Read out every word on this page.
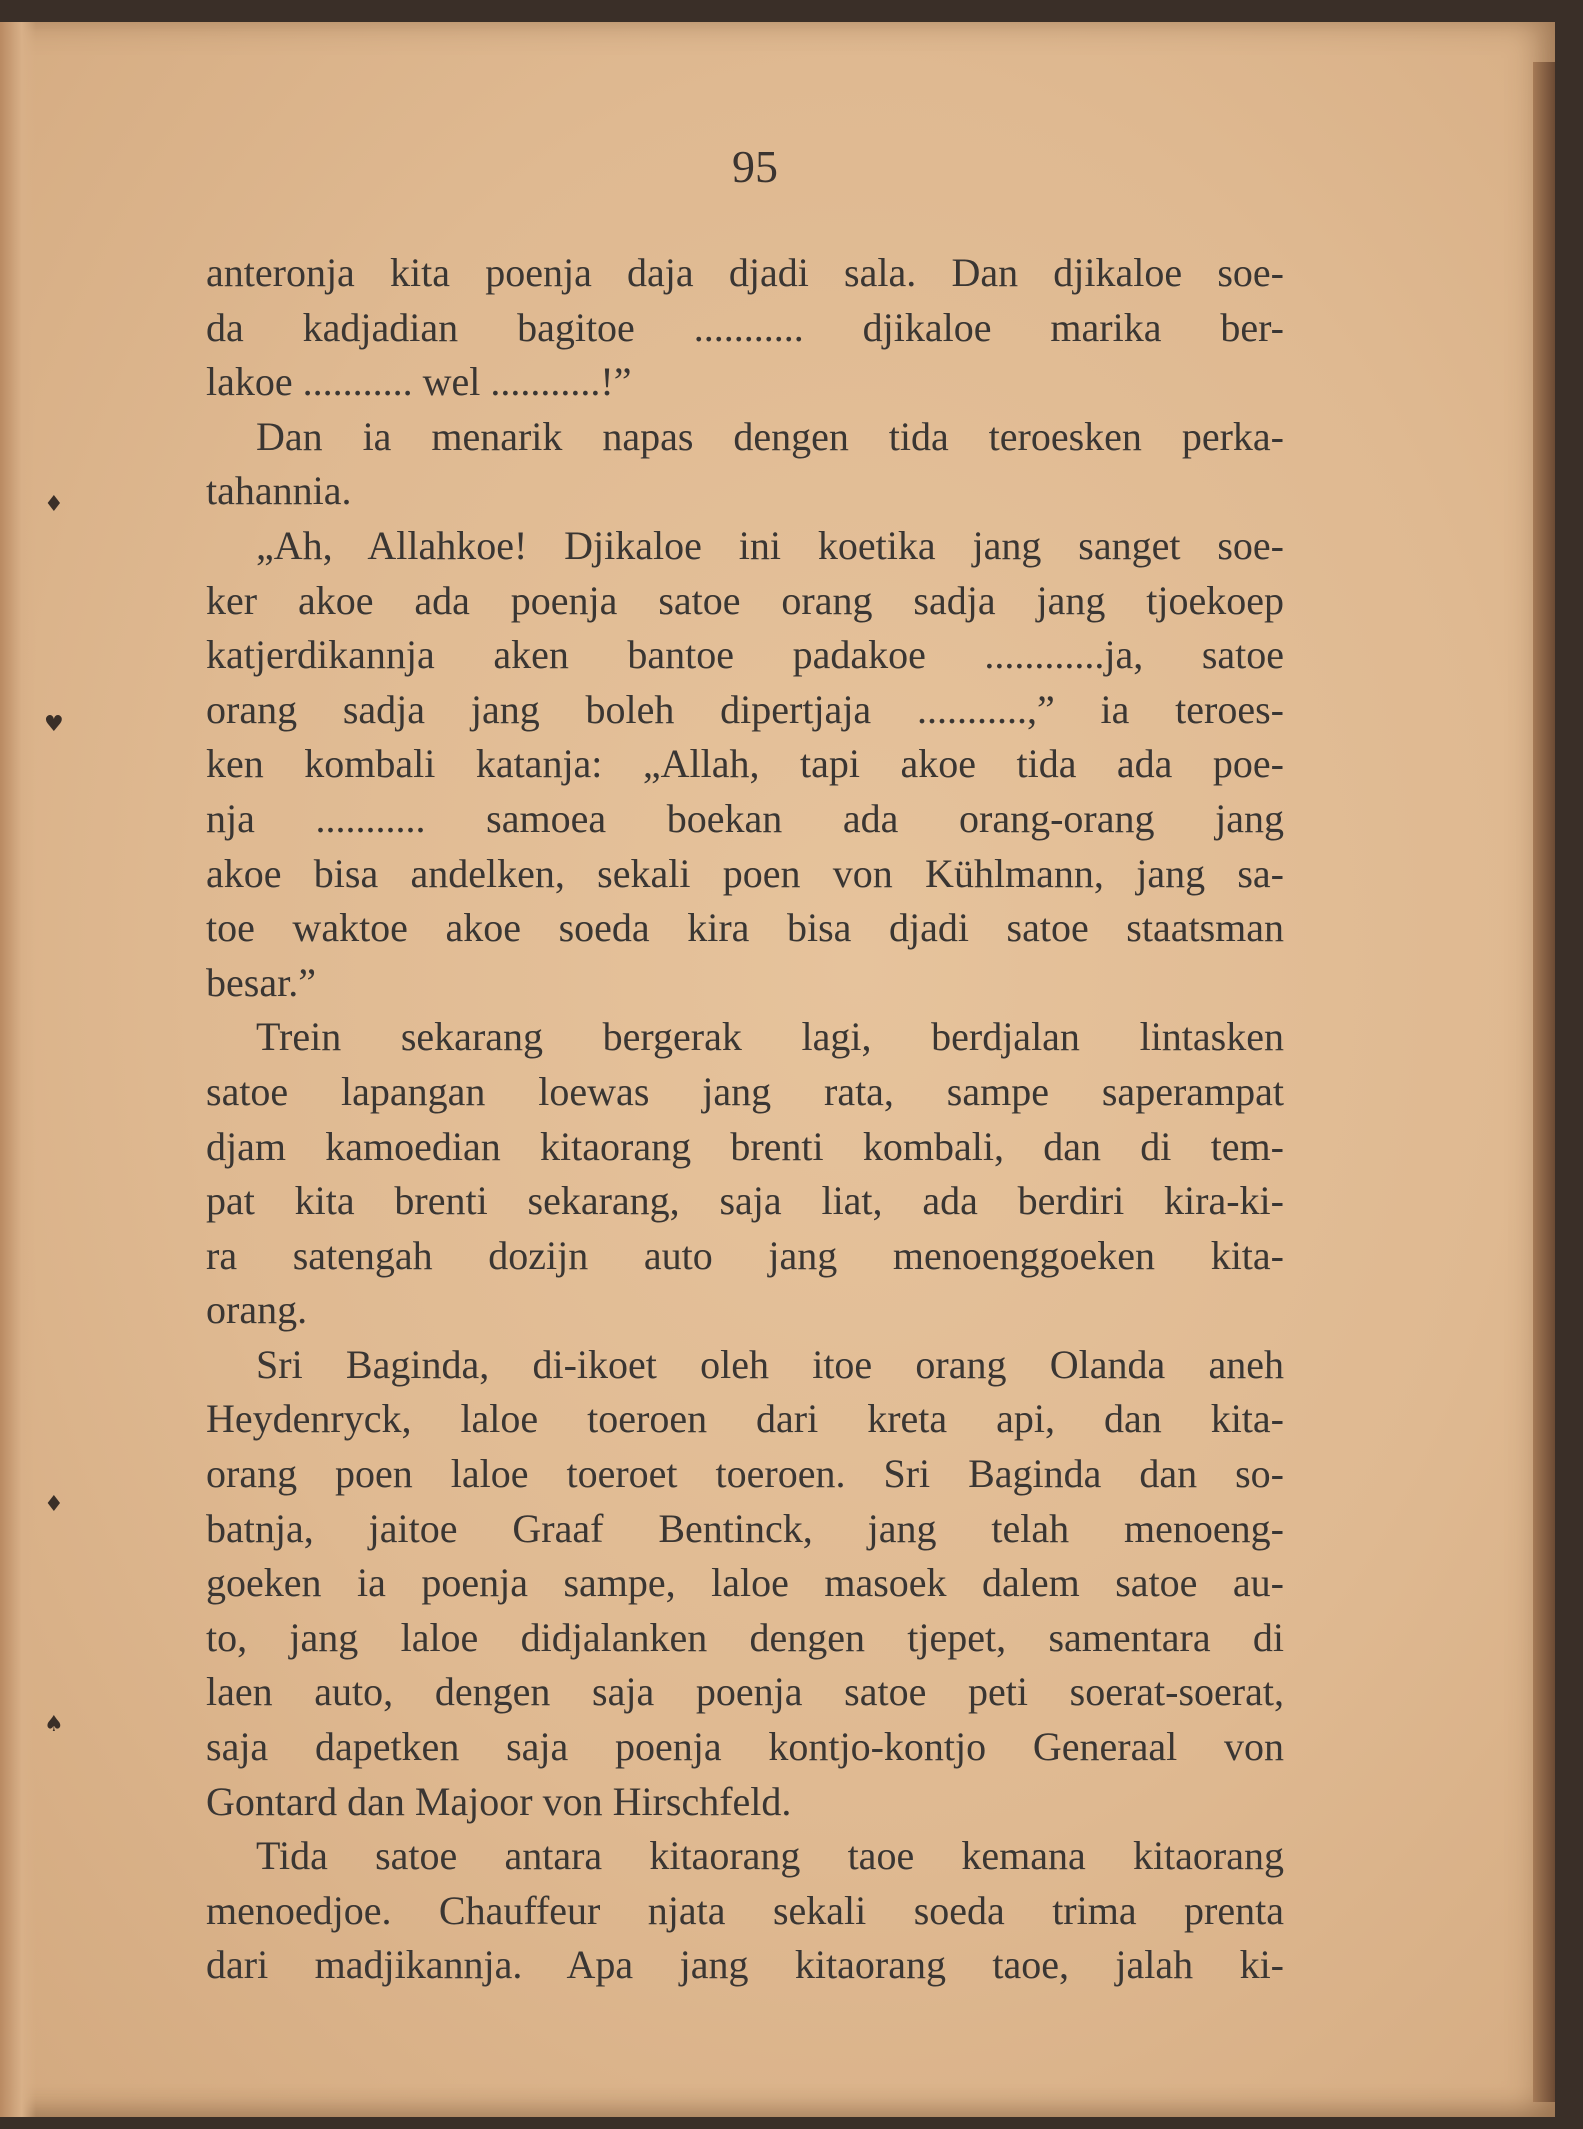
♦
♥
♦
♠
95
anteronja kita poenja daja djadi sala. Dan djikaloe soe-
da kadjadian bagitoe ........... djikaloe marika ber-
lakoe ........... wel ...........!”
Dan ia menarik napas dengen tida teroesken perka-
tahannia.
„Ah, Allahkoe! Djikaloe ini koetika jang sanget soe-
ker akoe ada poenja satoe orang sadja jang tjoekoep
katjerdikannja aken bantoe padakoe ............ja, satoe
orang sadja jang boleh dipertjaja ...........,” ia teroes-
ken kombali katanja: „Allah, tapi akoe tida ada poe-
nja ........... samoea boekan ada orang-orang jang
akoe bisa andelken, sekali poen von Kühlmann, jang sa-
toe waktoe akoe soeda kira bisa djadi satoe staatsman
besar.”
Trein sekarang bergerak lagi, berdjalan lintasken
satoe lapangan loewas jang rata, sampe saperampat
djam kamoedian kitaorang brenti kombali, dan di tem-
pat kita brenti sekarang, saja liat, ada berdiri kira-ki-
ra satengah dozijn auto jang menoenggoeken kita-
orang.
Sri Baginda, di-ikoet oleh itoe orang Olanda aneh
Heydenryck, laloe toeroen dari kreta api, dan kita-
orang poen laloe toeroet toeroen. Sri Baginda dan so-
batnja, jaitoe Graaf Bentinck, jang telah menoeng-
goeken ia poenja sampe, laloe masoek dalem satoe au-
to, jang laloe didjalanken dengen tjepet, samentara di
laen auto, dengen saja poenja satoe peti soerat-soerat,
saja dapetken saja poenja kontjo-kontjo Generaal von
Gontard dan Majoor von Hirschfeld.
Tida satoe antara kitaorang taoe kemana kitaorang
menoedjoe. Chauffeur njata sekali soeda trima prenta
dari madjikannja. Apa jang kitaorang taoe, jalah ki-
